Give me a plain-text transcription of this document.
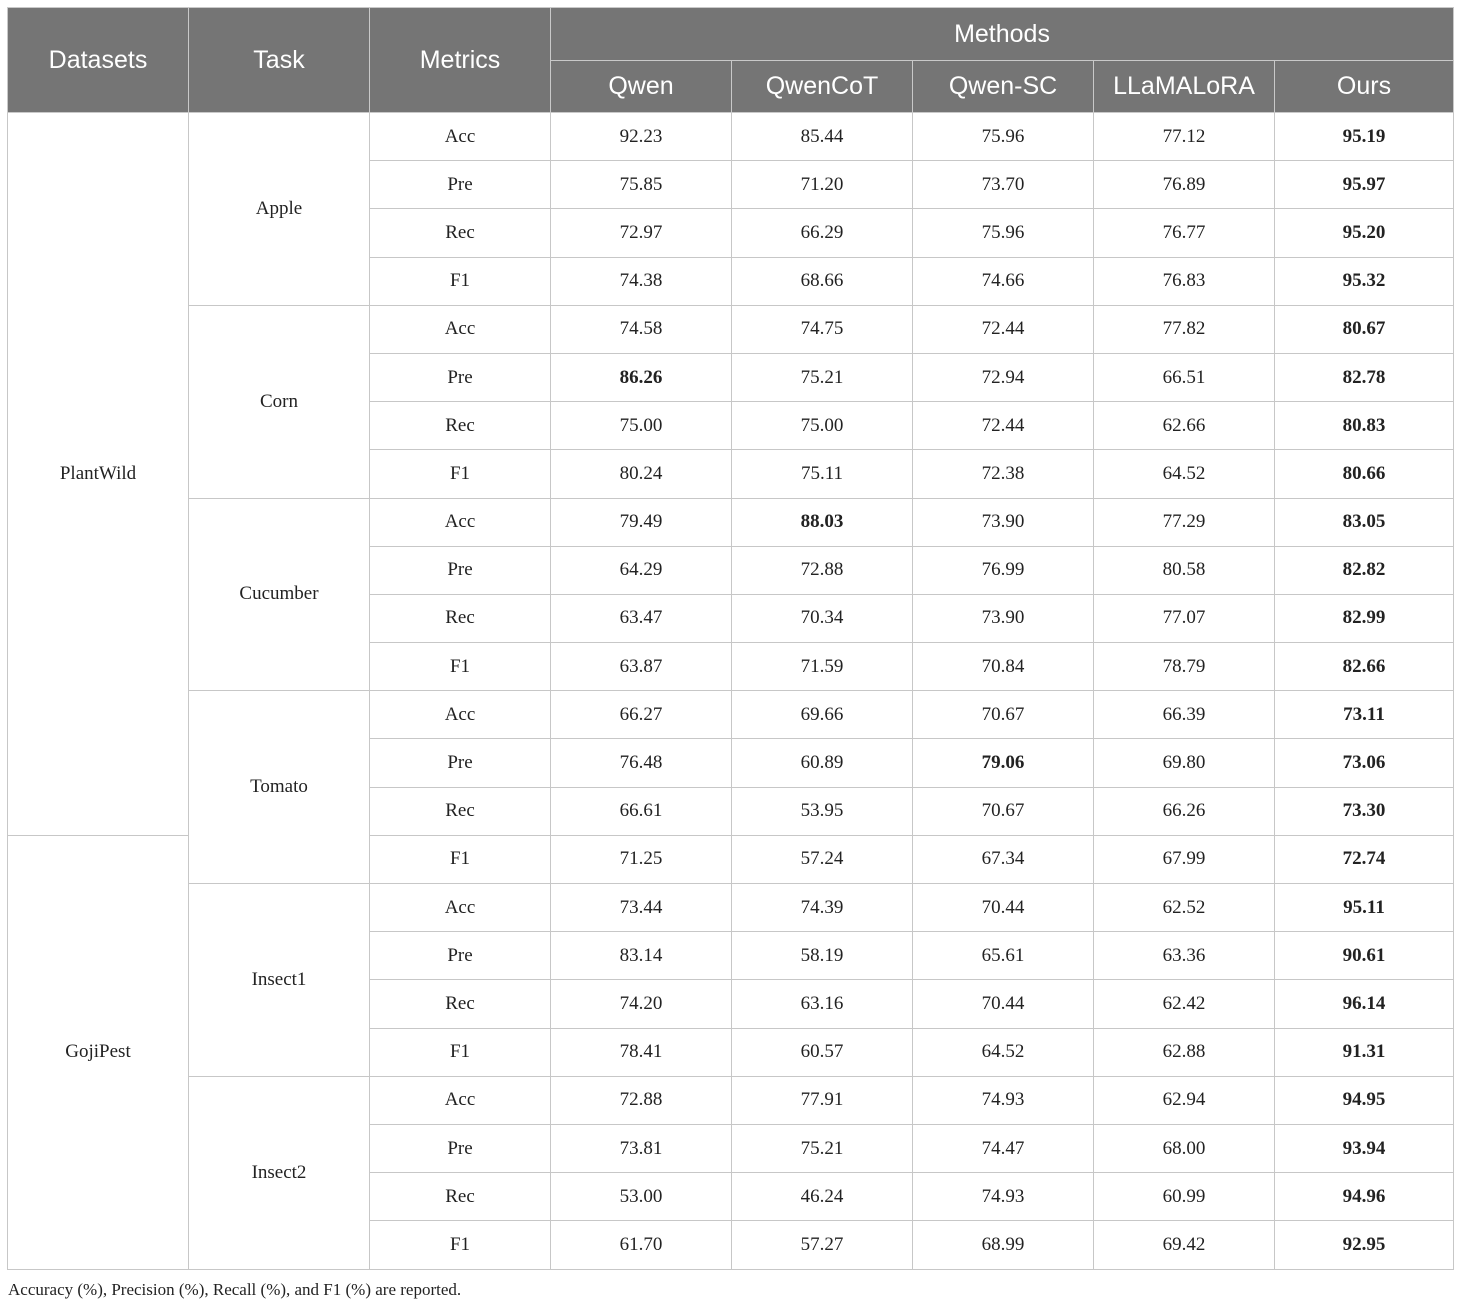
Datasets	Task	Metrics	Methods				
			Qwen	QwenCoT	Qwen-SC	LLaMALoRA	Ours
PlantWild	Apple	Acc	92.23	85.44	75.96	77.12	95.19
		Pre	75.85	71.20	73.70	76.89	95.97
		Rec	72.97	66.29	75.96	76.77	95.20
		F1	74.38	68.66	74.66	76.83	95.32
	Corn	Acc	74.58	74.75	72.44	77.82	80.67
		Pre	86.26	75.21	72.94	66.51	82.78
		Rec	75.00	75.00	72.44	62.66	80.83
		F1	80.24	75.11	72.38	64.52	80.66
	Cucumber	Acc	79.49	88.03	73.90	77.29	83.05
		Pre	64.29	72.88	76.99	80.58	82.82
		Rec	63.47	70.34	73.90	77.07	82.99
		F1	63.87	71.59	70.84	78.79	82.66
	Tomato	Acc	66.27	69.66	70.67	66.39	73.11
		Pre	76.48	60.89	79.06	69.80	73.06
		Rec	66.61	53.95	70.67	66.26	73.30
GojiPest		F1	71.25	57.24	67.34	67.99	72.74
	Insect1	Acc	73.44	74.39	70.44	62.52	95.11
		Pre	83.14	58.19	65.61	63.36	90.61
		Rec	74.20	63.16	70.44	62.42	96.14
		F1	78.41	60.57	64.52	62.88	91.31
	Insect2	Acc	72.88	77.91	74.93	62.94	94.95
		Pre	73.81	75.21	74.47	68.00	93.94
		Rec	53.00	46.24	74.93	60.99	94.96
		F1	61.70	57.27	68.99	69.42	92.95
Accuracy (%), Precision (%), Recall (%), and F1 (%) are reported.
